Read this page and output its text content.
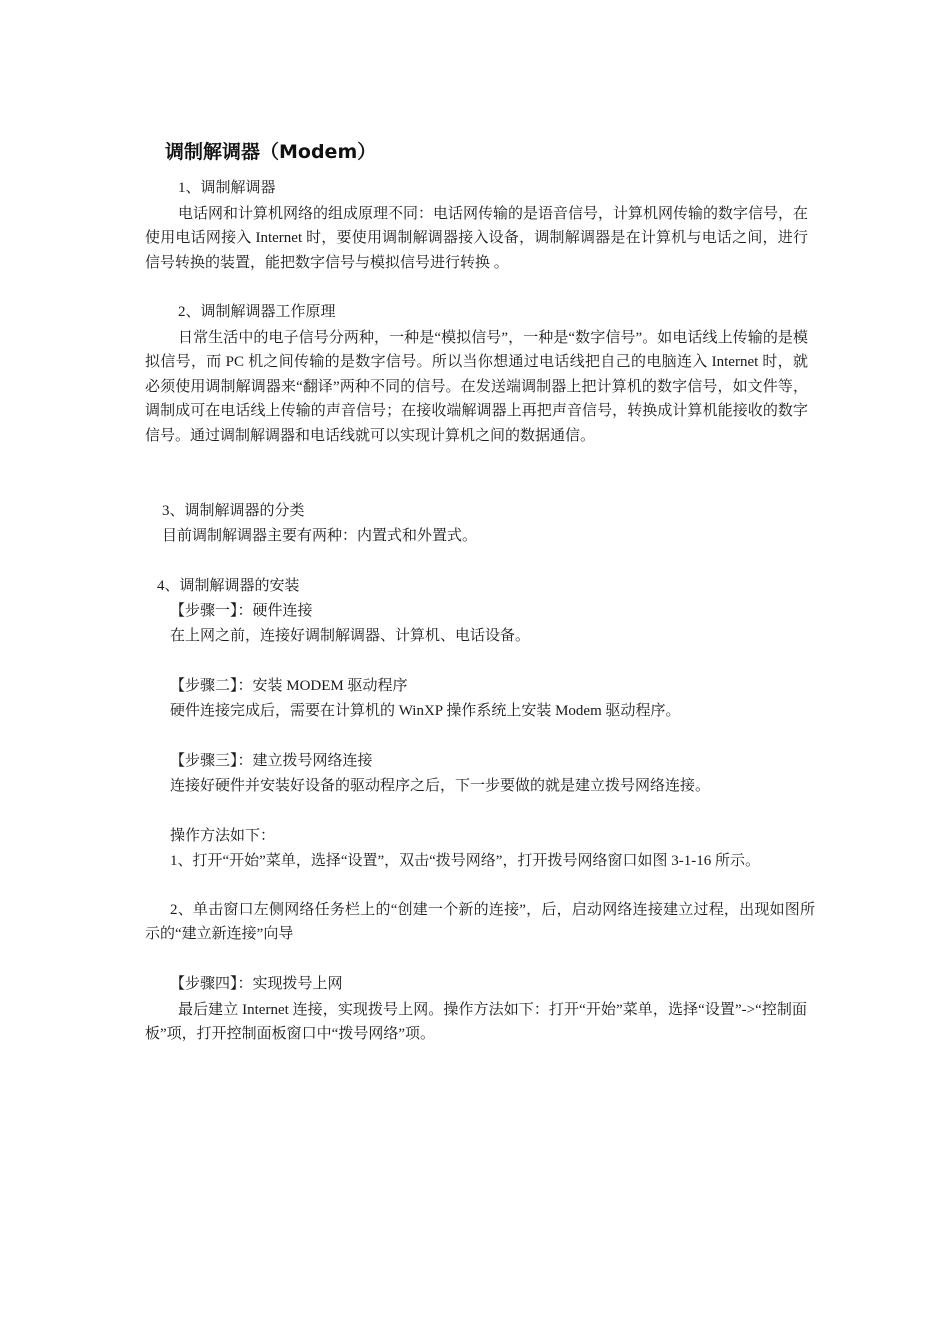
调制解调器（Modem）

1、调制解调器

电话网和计算机网络的组成原理不同：电话网传输的是语音信号，计算机网传输的数字信号，在使用电话网接入 Internet 时，要使用调制解调器接入设备，调制解调器是在计算机与电话之间，进行信号转换的装置，能把数字信号与模拟信号进行转换 。

2、调制解调器工作原理

日常生活中的电子信号分两种，一种是“模拟信号”，一种是“数字信号”。如电话线上传输的是模拟信号，而 PC 机之间传输的是数字信号。所以当你想通过电话线把自己的电脑连入 Internet 时，就必须使用调制解调器来“翻译”两种不同的信号。在发送端调制器上把计算机的数字信号，如文件等，调制成可在电话线上传输的声音信号；在接收端解调器上再把声音信号，转换成计算机能接收的数字信号。通过调制解调器和电话线就可以实现计算机之间的数据通信。

3、调制解调器的分类

目前调制解调器主要有两种：内置式和外置式。

4、调制解调器的安装

【步骤一】：硬件连接

在上网之前，连接好调制解调器、计算机、电话设备。

【步骤二】：安装 MODEM 驱动程序

硬件连接完成后，需要在计算机的 WinXP 操作系统上安装 Modem 驱动程序。

【步骤三】：建立拨号网络连接

连接好硬件并安装好设备的驱动程序之后，下一步要做的就是建立拨号网络连接。

操作方法如下：

1、打开“开始”菜单，选择“设置”，双击“拨号网络”，打开拨号网络窗口如图 3-1-16 所示。

2、单击窗口左侧网络任务栏上的“创建一个新的连接”，后，启动网络连接建立过程，出现如图所示的“建立新连接”向导

【步骤四】：实现拨号上网

最后建立 Internet 连接，实现拨号上网。操作方法如下：打开“开始”菜单，选择“设置”->“控制面板”项，打开控制面板窗口中“拨号网络”项。
